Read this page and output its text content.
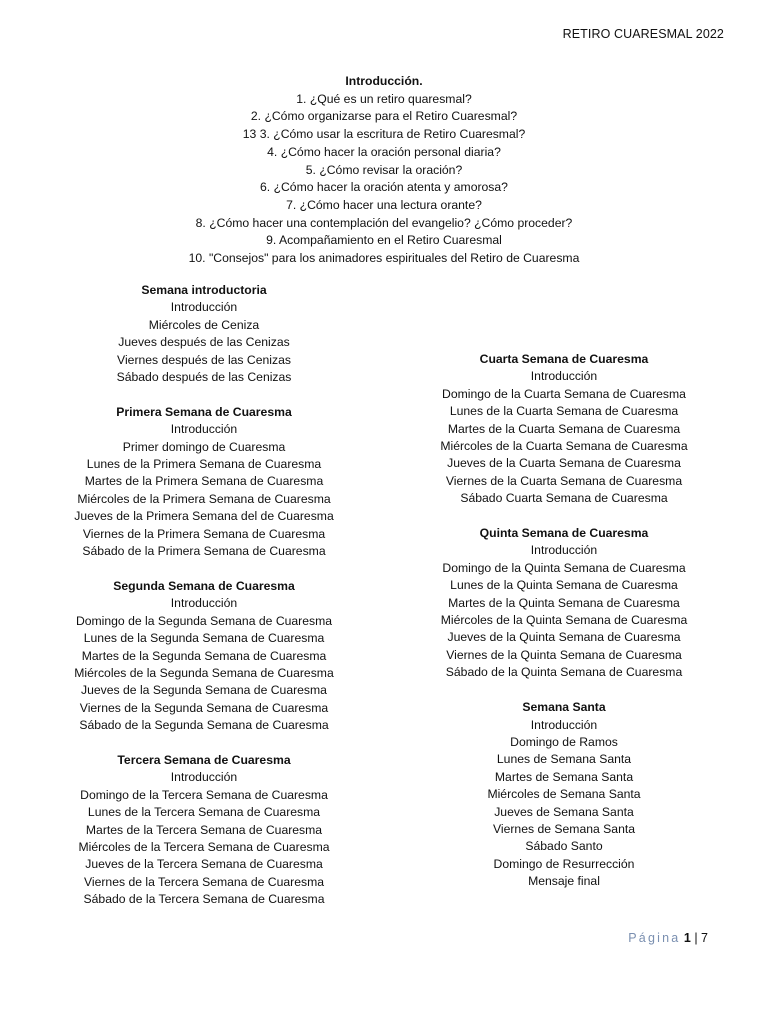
RETIRO CUARESMAL 2022
Introducción.
1. ¿Qué es un retiro quaresmal?
2. ¿Cómo organizarse para el Retiro Cuaresmal?
13 3. ¿Cómo usar la escritura de Retiro Cuaresmal?
4. ¿Cómo hacer la oración personal diaria?
5. ¿Cómo revisar la oración?
6. ¿Cómo hacer la oración atenta y amorosa?
7. ¿Cómo hacer una lectura orante?
8. ¿Cómo hacer una contemplación del evangelio? ¿Cómo proceder?
9. Acompañamiento en el Retiro Cuaresmal
10. "Consejos" para los animadores espirituales del Retiro de Cuaresma
Semana introductoria
Introducción
Miércoles de Ceniza
Jueves después de las Cenizas
Viernes después de las Cenizas
Sábado después de las Cenizas
Primera Semana de Cuaresma
Introducción
Primer domingo de Cuaresma
Lunes de la Primera Semana de Cuaresma
Martes de la Primera Semana de Cuaresma
Miércoles de la Primera Semana de Cuaresma
Jueves de la Primera Semana del de Cuaresma
Viernes de la Primera Semana de Cuaresma
Sábado de la Primera Semana de Cuaresma
Segunda Semana de Cuaresma
Introducción
Domingo de la Segunda Semana de Cuaresma
Lunes de la Segunda Semana de Cuaresma
Martes de la Segunda Semana de Cuaresma
Miércoles de la Segunda Semana de Cuaresma
Jueves de la Segunda Semana de Cuaresma
Viernes de la Segunda Semana de Cuaresma
Sábado de la Segunda Semana de Cuaresma
Tercera Semana de Cuaresma
Introducción
Domingo de la Tercera Semana de Cuaresma
Lunes de la Tercera Semana de Cuaresma
Martes de la Tercera Semana de Cuaresma
Miércoles de la Tercera Semana de Cuaresma
Jueves de la Tercera Semana de Cuaresma
Viernes de la Tercera Semana de Cuaresma
Sábado de la Tercera Semana de Cuaresma
Cuarta Semana de Cuaresma
Introducción
Domingo de la Cuarta Semana de Cuaresma
Lunes de la Cuarta Semana de Cuaresma
Martes de la Cuarta Semana de Cuaresma
Miércoles de la Cuarta Semana de Cuaresma
Jueves de la Cuarta Semana de Cuaresma
Viernes de la Cuarta Semana de Cuaresma
Sábado Cuarta Semana de Cuaresma
Quinta Semana de Cuaresma
Introducción
Domingo de la Quinta Semana de Cuaresma
Lunes de la Quinta Semana de Cuaresma
Martes de la Quinta Semana de Cuaresma
Miércoles de la Quinta Semana de Cuaresma
Jueves de la Quinta Semana de Cuaresma
Viernes de la Quinta Semana de Cuaresma
Sábado de la Quinta Semana de Cuaresma
Semana Santa
Introducción
Domingo de Ramos
Lunes de Semana Santa
Martes de Semana Santa
Miércoles de Semana Santa
Jueves de Semana Santa
Viernes de Semana Santa
Sábado Santo
Domingo de Resurrección
Mensaje final
Página 1 | 7
